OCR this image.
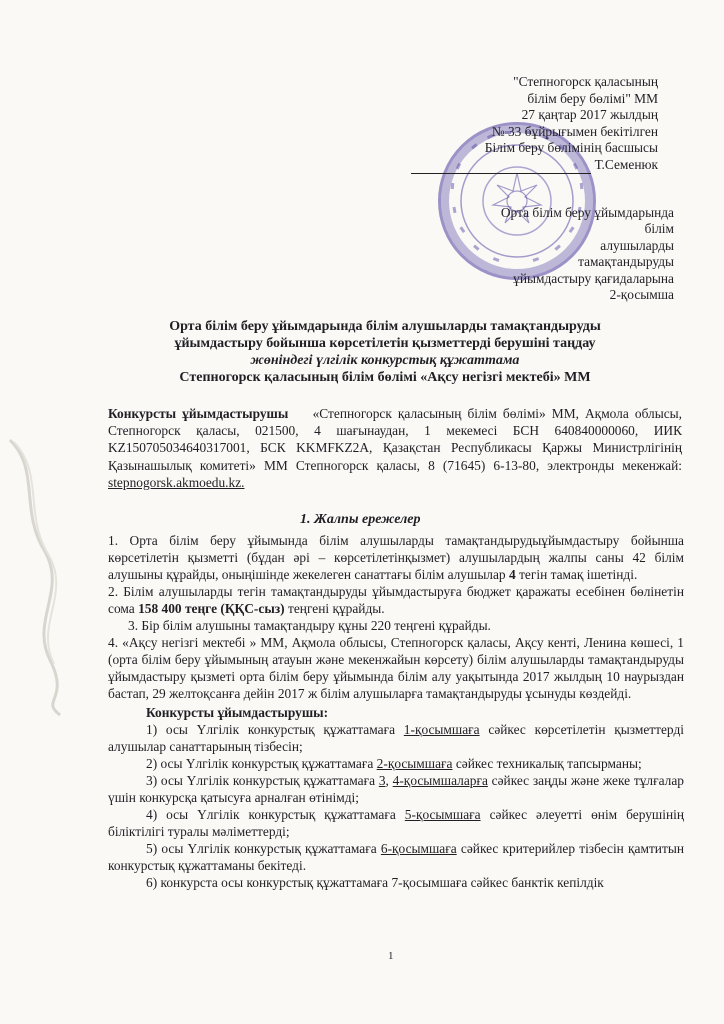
"Степногорск қаласының
білім беру бөлімі" ММ
27 қаңтар 2017 жылдың
№ 33 бұйрығымен бекітілген
Білім беру бөлімінің басшысы
Т.Семенюк
Орта білім беру ұйымдарында
білім
алушыларды
тамақтандыруды
ұйымдастыру қағидаларына
2-қосымша
Орта білім беру ұйымдарында білім алушыларды тамақтандыруды
ұйымдастыру бойынша көрсетілетін қызметтерді берушіні таңдау
жөніндегі үлгілік конкурстық құжаттама
Степногорск қаласының білім бөлімі «Ақсу негізгі мектебі» ММ
Конкурсты ұйымдастырушы «Степногорск қаласының білім бөлімі» ММ, Ақмола облысы, Степногорск қаласы, 021500, 4 шағынаудан, 1 мекемесі БСН 640840000060, ИИК KZ150705034640317001, БСК KKMFKZ2A, Қазақстан Республикасы Қаржы Министрлігінің Қазынашылық комитеті» ММ Степногорск қаласы, 8 (71645) 6-13-80, электронды мекенжай: stepnogorsk.akmoedu.kz.
1. Жалпы ережелер

1. Орта білім беру ұйымында білім алушыларды тамақтандырудыұйымдастыру бойынша көрсетілетін қызметті (бұдан әрі – көрсетілетінқызмет) алушылардың жалпы саны 42 білім алушыны құрайды, оныңішінде жекелеген санаттағы білім алушылар 4 тегін тамақ ішетінді.

2. Білім алушыларды тегін тамақтандыруды ұйымдастыруға бюджет қаражаты есебінен бөлінетін сома 158 400 теңге (ҚҚС-сыз) теңгені құрайды.

3. Бір білім алушыны тамақтандыру құны 220 теңгені құрайды.

4. «Ақсу негізгі мектебі » ММ, Ақмола облысы, Степногорск қаласы, Ақсу кенті, Ленина көшесі, 1 (орта білім беру ұйымының атауын және мекенжайын көрсету) білім алушыларды тамақтандыруды ұйымдастыру қызметі орта білім беру ұйымында білім алу уақытында 2017 жылдың 10 наурыздан бастап, 29 желтоқсанға дейін 2017 ж білім алушыларға тамақтандыруды ұсынуды көздейді.

Конкурсты ұйымдастырушы:

1) осы Үлгілік конкурстық құжаттамаға 1-қосымшаға сәйкес көрсетілетін қызметтерді алушылар санаттарының тізбесін;

2) осы Үлгілік конкурстық құжаттамаға 2-қосымшаға сәйкес техникалық тапсырманы;

3) осы Үлгілік конкурстық құжаттамаға 3, 4-қосымшаларға сәйкес заңды және жеке тұлғалар үшін конкурсқа қатысуға арналған өтінімді;

4) осы Үлгілік конкурстық құжаттамаға 5-қосымшаға сәйкес әлеуетті өнім берушінің біліктілігі туралы мәліметтерді;

5) осы Үлгілік конкурстық құжаттамаға 6-қосымшаға сәйкес критерийлер тізбесін қамтитын конкурстық құжаттаманы бекітеді.

6) конкурста осы конкурстық құжаттамаға 7-қосымшаға сәйкес банктік кепілдік

1
